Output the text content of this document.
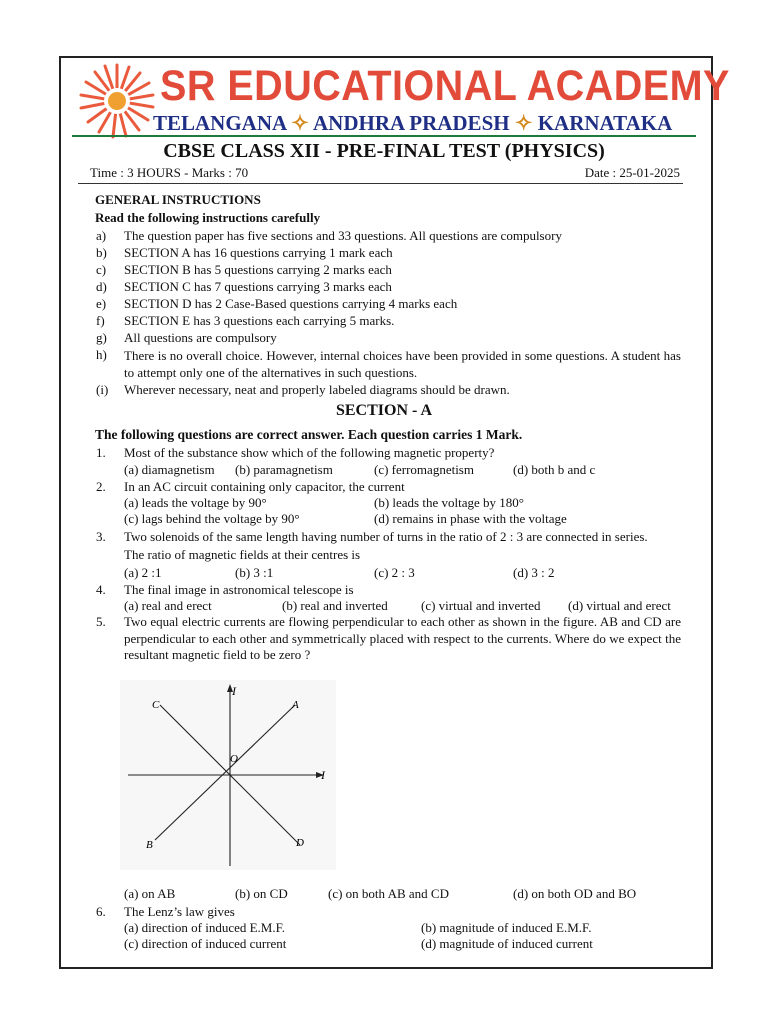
SR EDUCATIONAL ACADEMY
TELANGANA ✧ ANDHRA PRADESH ✧ KARNATAKA
CBSE CLASS XII - PRE-FINAL TEST (PHYSICS)
Time : 3 HOURS - Marks : 70	Date : 25-01-2025
GENERAL INSTRUCTIONS
Read the following instructions carefully
a) The question paper has five sections and 33 questions. All questions are compulsory
b) SECTION A has 16 questions carrying 1 mark each
c) SECTION B has 5 questions carrying 2 marks each
d) SECTION C has 7 questions carrying 3 marks each
e) SECTION D has 2 Case-Based questions carrying 4 marks each
f) SECTION E has 3 questions each carrying 5 marks.
g) All questions are compulsory
h) There is no overall choice. However, internal choices have been provided in some questions. A student has to attempt only one of the alternatives in such questions.
(i) Wherever necessary, neat and properly labeled diagrams should be drawn.
SECTION - A
The following questions are correct answer. Each question carries 1 Mark.
1. Most of the substance show which of the following magnetic property?
(a) diamagnetism (b) paramagnetism	(c) ferromagnetism	(d) both b and c
2. In an AC circuit containing only capacitor, the current
(a) leads the voltage by 90°	(b) leads the voltage by 180°
(c) lags behind the voltage by 90°	(d) remains in phase with the voltage
3. Two solenoids of the same length having number of turns in the ratio of 2 : 3 are connected in series.
The ratio of magnetic fields at their centres is
(a) 2 :1	(b) 3 :1	(c) 2 : 3	(d) 3 : 2
4. The final image in astronomical telescope is
(a) real and erect	(b) real and inverted	(c) virtual and inverted (d) virtual and erect
5. Two equal electric currents are flowing perpendicular to each other as shown in the figure. AB and CD are perpendicular to each other and symmetrically placed with respect to the currents. Where do we expect the resultant magnetic field to be zero ?
I
I
A
C
B	D
O
(a) on AB	(b) on CD	(c) on both AB and CD	(d) on both OD and BO
6. The Lenz’s law gives
(a) direction of induced E.M.F.	(b) magnitude of induced E.M.F.
(c) direction of induced current	(d) magnitude of induced current
